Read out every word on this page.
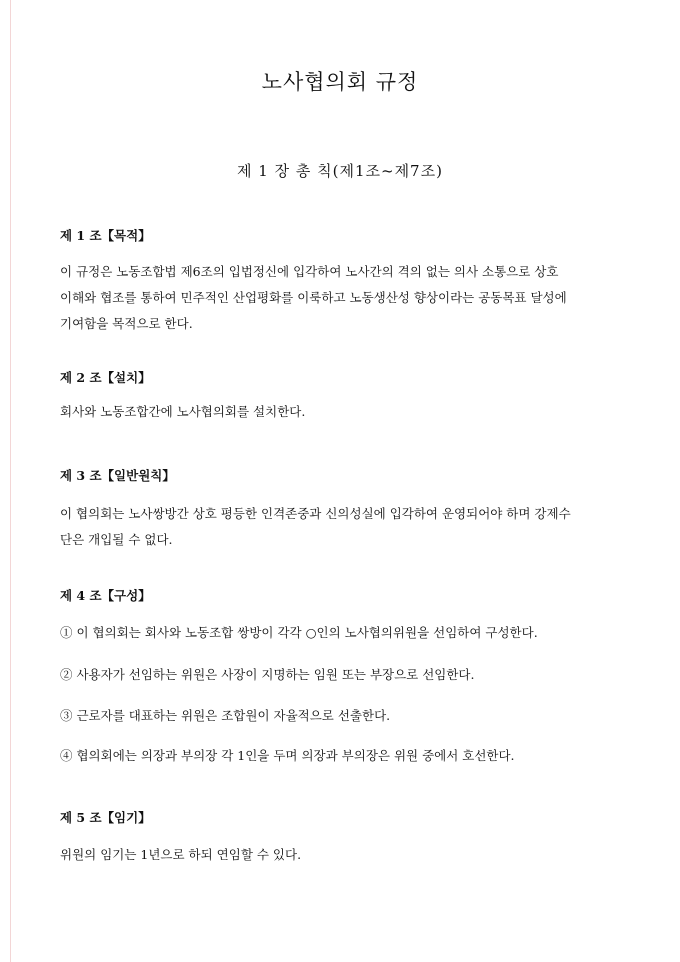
노사협의회 규정
제 1 장 총 칙(제1조~제7조)
제 1 조【목적】
이 규정은 노동조합법 제6조의 입법정신에 입각하여 노사간의 격의 없는 의사 소통으로 상호
이해와 협조를 통하여 민주적인 산업평화를 이룩하고 노동생산성 향상이라는 공동목표 달성에
기여함을 목적으로 한다.
제 2 조【설치】
회사와 노동조합간에 노사협의회를 설치한다.
제 3 조【일반원칙】
이 협의회는 노사쌍방간 상호 평등한 인격존중과 신의성실에 입각하여 운영되어야 하며 강제수
단은 개입될 수 없다.
제 4 조【구성】
① 이 협의회는 회사와 노동조합 쌍방이 각각 ○인의 노사협의위원을 선임하여 구성한다.
② 사용자가 선임하는 위원은 사장이 지명하는 임원 또는 부장으로 선임한다.
③ 근로자를 대표하는 위원은 조합원이 자율적으로 선출한다.
④ 협의회에는 의장과 부의장 각 1인을 두며 의장과 부의장은 위원 중에서 호선한다.
제 5 조【임기】
위원의 임기는 1년으로 하되 연임할 수 있다.
